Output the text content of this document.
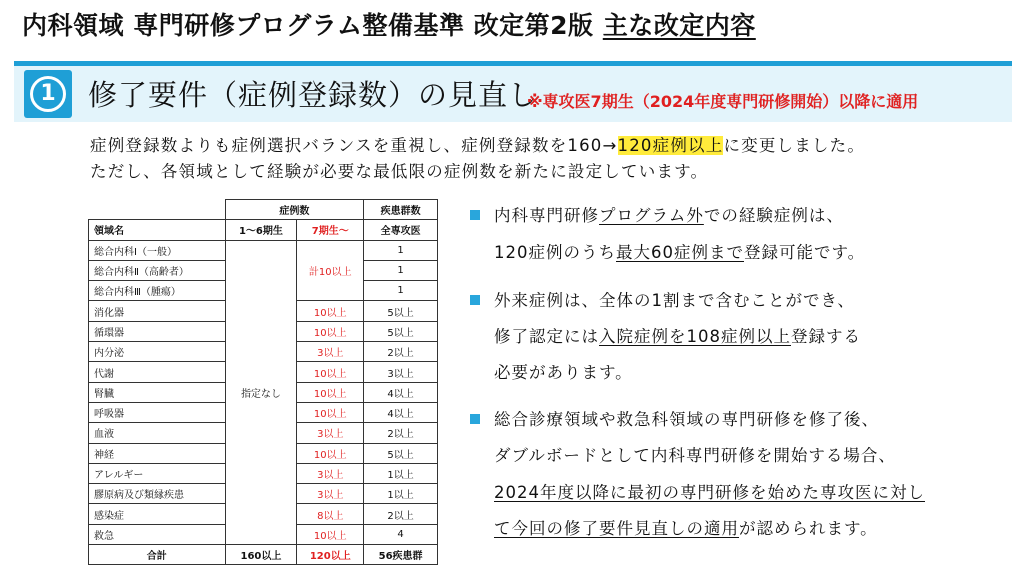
内科領域 専門研修プログラム整備基準 改定第2版 主な改定内容
1	修了要件（症例登録数）の見直し
※専攻医7期生（2024年度専門研修開始）以降に適用
症例登録数よりも症例選択バランスを重視し、症例登録数を160→120症例以上に変更しました。
ただし、各領域として経験が必要な最低限の症例数を新たに設定しています。
	症例数		疾患群数
領域名	1～6期生	7期生～	全専攻医
総合内科Ⅰ（一般）	指定なし	計10以上	1
総合内科Ⅱ（高齢者）			1
総合内科Ⅲ（腫瘍）			1
消化器		10以上	5以上
循環器		10以上	5以上
内分泌		3以上	2以上
代謝		10以上	3以上
腎臓		10以上	4以上
呼吸器		10以上	4以上
血液		3以上	2以上
神経		10以上	5以上
アレルギー		3以上	1以上
膠原病及び類縁疾患		3以上	1以上
感染症		8以上	2以上
救急		10以上	4
合計	160以上	120以上	56疾患群
内科専門研修プログラム外での経験症例は、
120症例のうち最大60症例まで登録可能です。
外来症例は、全体の1割まで含むことができ、
修了認定には入院症例を108症例以上登録する
必要があります。
総合診療領域や救急科領域の専門研修を修了後、
ダブルボードとして内科専門研修を開始する場合、
2024年度以降に最初の専門研修を始めた専攻医に対し
て今回の修了要件見直しの適用が認められます。
